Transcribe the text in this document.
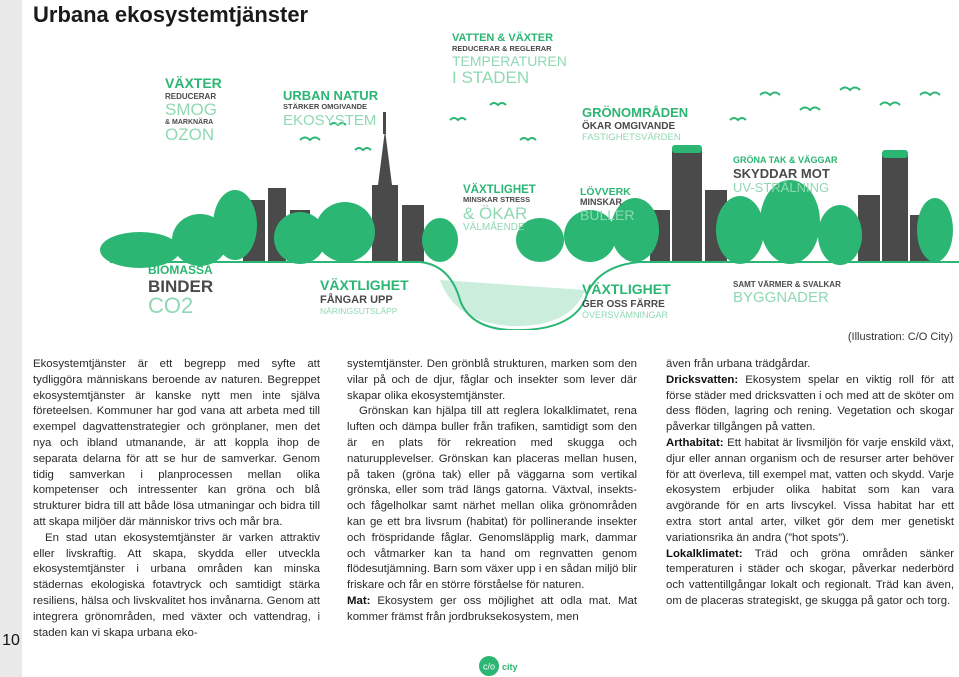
Urbana ekosystemtjänster
VÄXTER
REDUCERAR
SMOG
& MARKNÄRA
OZON
URBAN NATUR
STÄRKER OMGIVANDE
EKOSYSTEM
VATTEN & VÄXTER
REDUCERAR & REGLERAR
TEMPERATUREN
I STADEN
GRÖNOMRÅDEN
ÖKAR OMGIVANDE
FASTIGHETSVÄRDEN
GRÖNA TAK & VÄGGAR
SKYDDAR MOT
UV-STRÅLNING
VÄXTLIGHET
MINSKAR STRESS
& ÖKAR
VÄLMÅENDE
LÖVVERK
MINSKAR
BULLER
BIOMASSA
BINDER
CO2
VÄXTLIGHET
FÅNGAR UPP
NÄRINGSUTSLÄPP
VÄXTLIGHET
GER OSS FÄRRE
ÖVERSVÄMNINGAR
SAMT VÄRMER & SVALKAR
BYGGNADER
(Illustration: C/O City)

Ekosystemtjänster är ett begrepp med syfte att tydliggöra människans beroende av naturen. Begreppet ekosystemtjänster är kanske nytt men inte själva företeelsen. Kommuner har god vana att arbeta med till exempel dagvattenstrategier och grönplaner, men det nya och ibland utmanande, är att koppla ihop de separata delarna för att se hur de samverkar. Genom tidig samverkan i planprocessen mellan olika kompetenser och intressenter kan gröna och blå strukturer bidra till att både lösa utmaningar och bidra till att skapa miljöer där människor trivs och mår bra.

En stad utan ekosystemtjänster är varken attraktiv eller livskraftig. Att skapa, skydda eller utveckla ekosystemtjänster i urbana områden kan minska städernas ekologiska fotavtryck och samtidigt stärka resiliens, hälsa och livskvalitet hos invånarna. Genom att integrera grönområden, med växter och vattendrag, i staden kan vi skapa urbana eko-

systemtjänster. Den grönblå strukturen, marken som den vilar på och de djur, fåglar och insekter som lever där skapar olika ekosystemtjänster.

Grönskan kan hjälpa till att reglera lokalklimatet, rena luften och dämpa buller från trafiken, samtidigt som den är en plats för rekreation med skugga och naturupplevelser. Grönskan kan placeras mellan husen, på taken (gröna tak) eller på väggarna som vertikal grönska, eller som träd längs gatorna. Växtval, insekts- och fågelholkar samt närhet mellan olika grönområden kan ge ett bra livsrum (habitat) för pollinerande insekter och fröspridande fåglar. Genomsläpplig mark, dammar och våtmarker kan ta hand om regnvatten genom flödesutjämning. Barn som växer upp i en sådan miljö blir friskare och får en större förståelse för naturen.

Mat: Ekosystem ger oss möjlighet att odla mat. Mat kommer främst från jordbruksekosystem, men

även från urbana trädgårdar.

Dricksvatten: Ekosystem spelar en viktig roll för att förse städer med dricksvatten i och med att de sköter om dess flöden, lagring och rening. Vegetation och skogar påverkar tillgången på vatten.

Arthabitat: Ett habitat är livsmiljön för varje enskild växt, djur eller annan organism och de resurser arter behöver för att överleva, till exempel mat, vatten och skydd. Varje ekosystem erbjuder olika habitat som kan vara avgörande för en arts livscykel. Vissa habitat har ett extra stort antal arter, vilket gör dem mer genetiskt variationsrika än andra (”hot spots”).

Lokalklimatet: Träd och gröna områden sänker temperaturen i städer och skogar, påverkar nederbörd och vattentillgångar lokalt och regionalt. Träd kan även, om de placeras strategiskt, ge skugga på gator och torg.

10
c/o city
